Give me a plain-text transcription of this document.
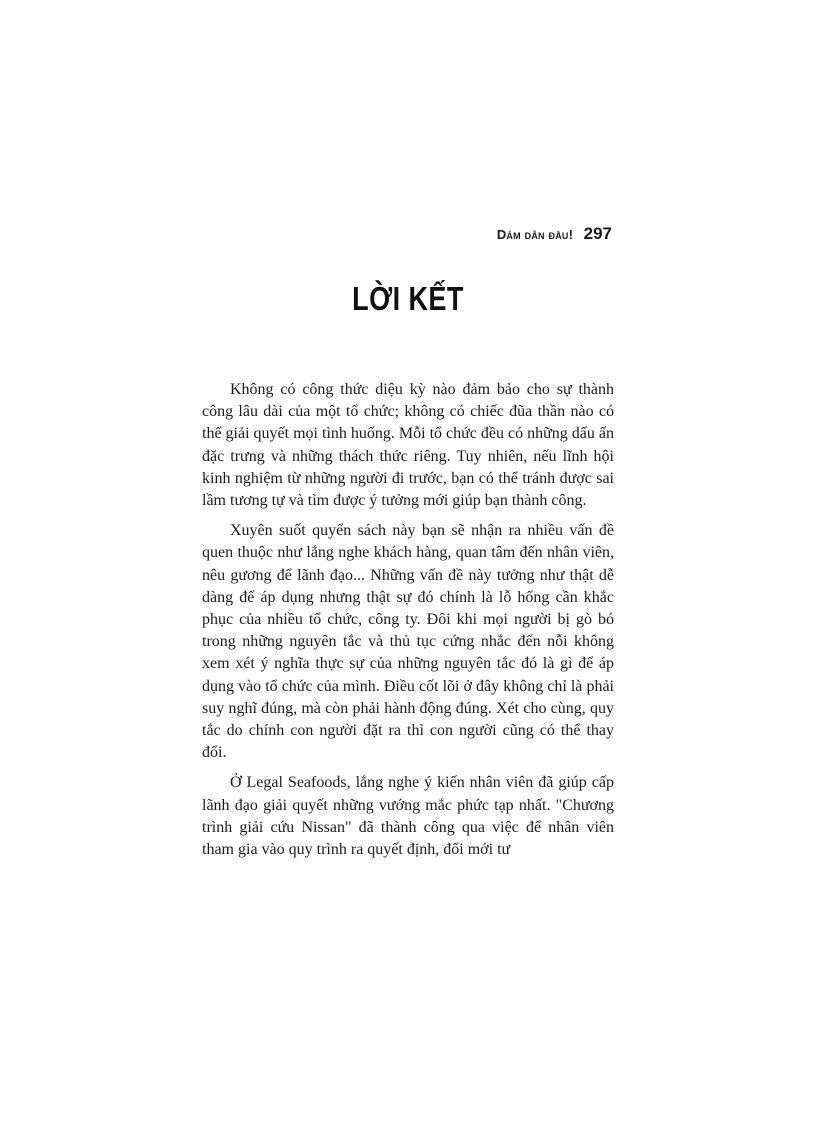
Dám dẫn đầu! 297
LỜI KẾT

Không có công thức diệu kỳ nào đảm bảo cho sự thành công lâu dài của một tổ chức; không có chiếc đũa thần nào có thể giải quyết mọi tình huống. Mỗi tổ chức đều có những dấu ấn đặc trưng và những thách thức riêng. Tuy nhiên, nếu lĩnh hội kinh nghiệm từ những người đi trước, bạn có thể tránh được sai lầm tương tự và tìm được ý tưởng mới giúp bạn thành công.

Xuyên suốt quyển sách này bạn sẽ nhận ra nhiều vấn đề quen thuộc như lắng nghe khách hàng, quan tâm đến nhân viên, nêu gương để lãnh đạo... Những vấn đề này tưởng như thật dễ dàng để áp dụng nhưng thật sự đó chính là lỗ hổng cần khắc phục của nhiều tổ chức, công ty. Đôi khi mọi người bị gò bó trong những nguyên tắc và thủ tục cứng nhắc đến nỗi không xem xét ý nghĩa thực sự của những nguyên tắc đó là gì để áp dụng vào tổ chức của mình. Điều cốt lõi ở đây không chỉ là phải suy nghĩ đúng, mà còn phải hành động đúng. Xét cho cùng, quy tắc do chính con người đặt ra thì con người cũng có thể thay đổi.

Ở Legal Seafoods, lắng nghe ý kiến nhân viên đã giúp cấp lãnh đạo giải quyết những vướng mắc phức tạp nhất. "Chương trình giải cứu Nissan" đã thành công qua việc để nhân viên tham gia vào quy trình ra quyết định, đổi mới tư
